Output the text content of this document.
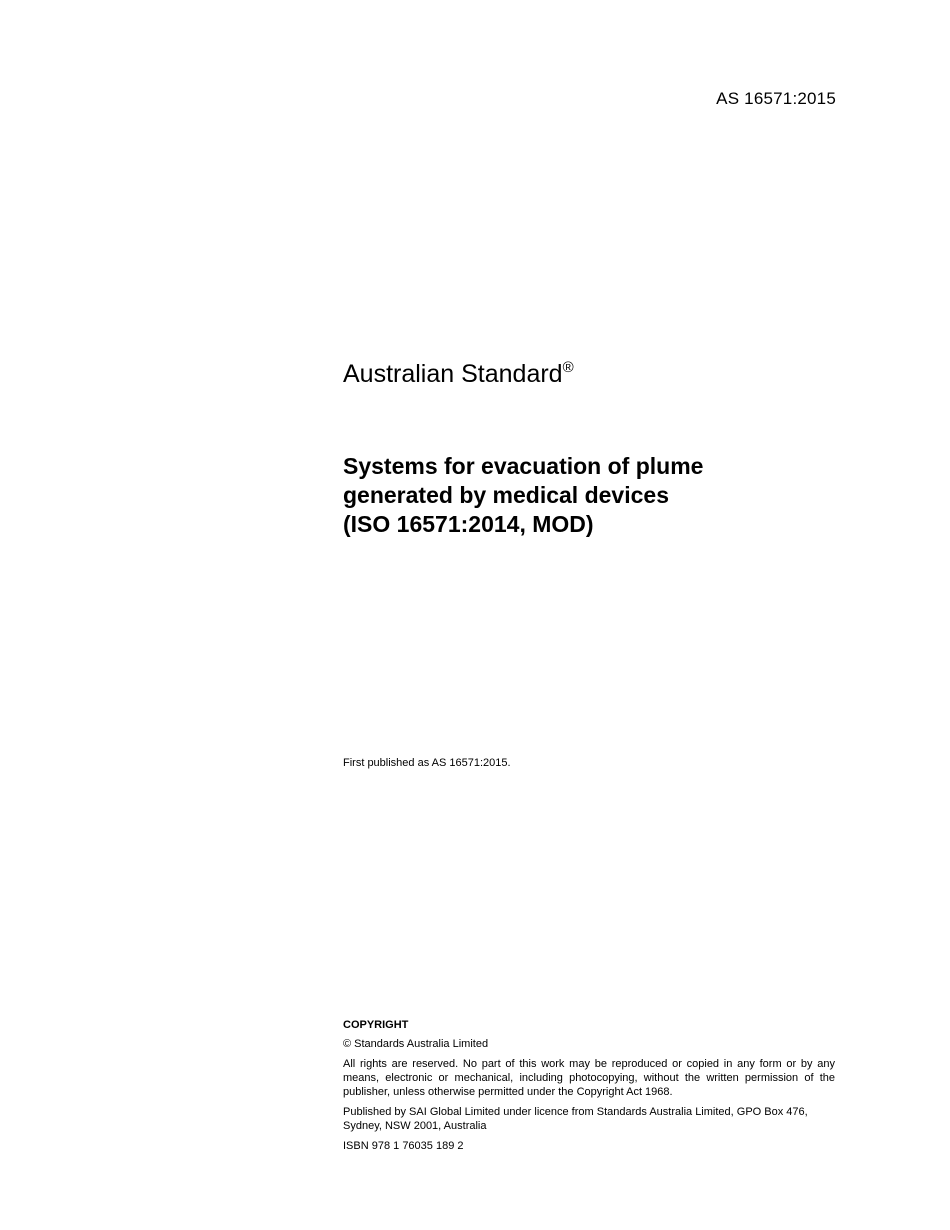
AS 16571:2015
Australian Standard®
Systems for evacuation of plume
generated by medical devices
(ISO 16571:2014, MOD)
First published as AS 16571:2015.
COPYRIGHT

© Standards Australia Limited

All rights are reserved. No part of this work may be reproduced or copied in any form or by any means, electronic or mechanical, including photocopying, without the written permission of the publisher, unless otherwise permitted under the Copyright Act 1968.

Published by SAI Global Limited under licence from Standards Australia Limited, GPO Box 476, Sydney, NSW 2001, Australia

ISBN 978 1 76035 189 2
